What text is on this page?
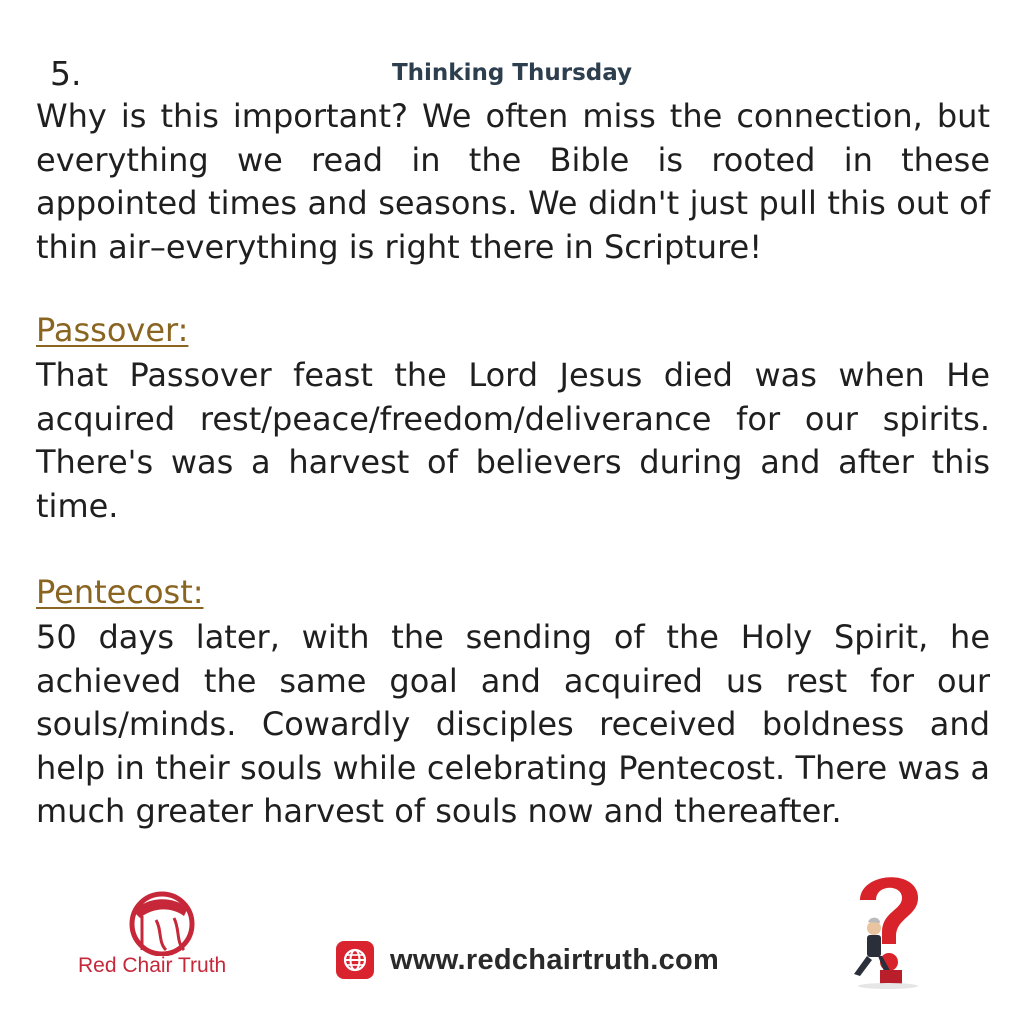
5.	Thinking Thursday
Why is this important? We often miss the connection, but everything we read in the Bible is rooted in these appointed times and seasons. We didn't just pull this out of thin air–everything is right there in Scripture!
Passover:
That Passover feast the Lord Jesus died was when He acquired rest/peace/freedom/deliverance for our spirits. There's was a harvest of believers during and after this time.
Pentecost:
50 days later, with the sending of the Holy Spirit, he achieved the same goal and acquired us rest for our souls/minds. Cowardly disciples received boldness and help in their souls while celebrating Pentecost. There was a much greater harvest of souls now and thereafter.
Red Chair Truth	www.redchairtruth.com
